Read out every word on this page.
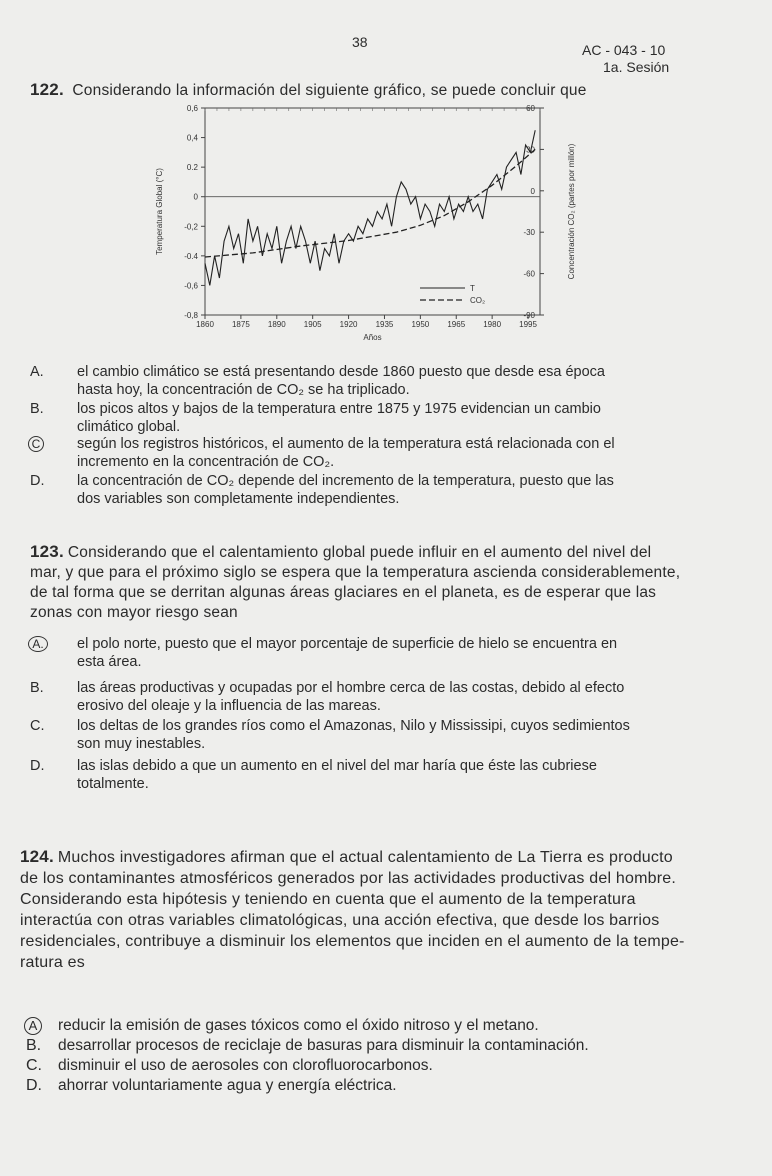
38	AC - 043 - 10
1a. Sesión
122. Considerando la información del siguiente gráfico, se puede concluir que
0,6
0,4
0.2
0
-0,2
-0.4
-0,6
-0,8
60
30
0
-30
-60
-90
1860 1875 1890 1905 1920 1935 1950 1965 1980 1995
Años
Temperatura Global (°C)	Concentración CO₂ (partes por millón)
T
CO₂
A.	el cambio climático se está presentando desde 1860 puesto que desde esa época
hasta hoy, la concentración de CO₂ se ha triplicado.
B.	los picos altos y bajos de la temperatura entre 1875 y 1975 evidencian un cambio
climático global.
C	según los registros históricos, el aumento de la temperatura está relacionada con el
incremento en la concentración de CO₂.
D.	la concentración de CO₂ depende del incremento de la temperatura, puesto que las
dos variables son completamente independientes.
123. Considerando que el calentamiento global puede influir en el aumento del nivel del
mar, y que para el próximo siglo se espera que la temperatura ascienda considerablemente,
de tal forma que se derritan algunas áreas glaciares en el planeta, es de esperar que las
zonas con mayor riesgo sean
A. el polo norte, puesto que el mayor porcentaje de superficie de hielo se encuentra en
esta área.
B.	las áreas productivas y ocupadas por el hombre cerca de las costas, debido al efecto
erosivo del oleaje y la influencia de las mareas.
C.	los deltas de los grandes ríos como el Amazonas, Nilo y Mississipi, cuyos sedimientos
son muy inestables.
D.	las islas debido a que un aumento en el nivel del mar haría que éste las cubriese
totalmente.
124. Muchos investigadores afirman que el actual calentamiento de La Tierra es producto
de los contaminantes atmosféricos generados por las actividades productivas del hombre.
Considerando esta hipótesis y teniendo en cuenta que el aumento de la temperatura
interactúa con otras variables climatológicas, una acción efectiva, que desde los barrios
residenciales, contribuye a disminuir los elementos que inciden en el aumento de la tempe-
ratura es
A	reducir la emisión de gases tóxicos como el óxido nitroso y el metano.
B.	desarrollar procesos de reciclaje de basuras para disminuir la contaminación.
C.	disminuir el uso de aerosoles con clorofluorocarbonos.
D.	ahorrar voluntariamente agua y energía eléctrica.
